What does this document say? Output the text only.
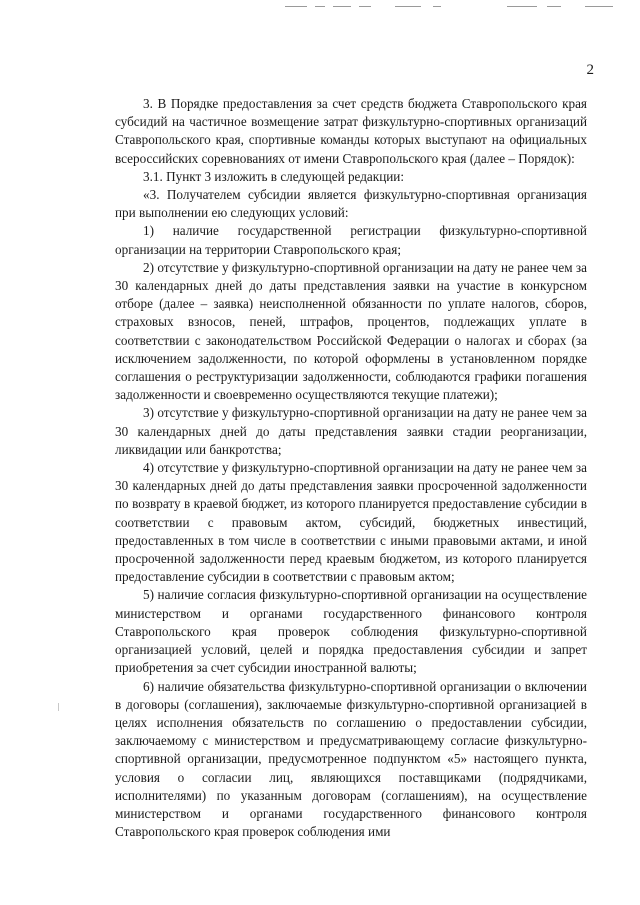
2

3. В Порядке предоставления за счет средств бюджета Ставропольского края субсидий на частичное возмещение затрат физкультурно-спортивных организаций Ставропольского края, спортивные команды которых выступают на официальных всероссийских соревнованиях от имени Ставропольского края (далее – Порядок):

3.1. Пункт 3 изложить в следующей редакции:

«3. Получателем субсидии является физкультурно-спортивная организация при выполнении ею следующих условий:

1) наличие государственной регистрации физкультурно-спортивной организации на территории Ставропольского края;

2) отсутствие у физкультурно-спортивной организации на дату не ранее чем за 30 календарных дней до даты представления заявки на участие в конкурсном отборе (далее – заявка) неисполненной обязанности по уплате налогов, сборов, страховых взносов, пеней, штрафов, процентов, подлежащих уплате в соответствии с законодательством Российской Федерации о налогах и сборах (за исключением задолженности, по которой оформлены в установленном порядке соглашения о реструктуризации задолженности, соблюдаются графики погашения задолженности и своевременно осуществляются текущие платежи);

3) отсутствие у физкультурно-спортивной организации на дату не ранее чем за 30 календарных дней до даты представления заявки стадии реорганизации, ликвидации или банкротства;

4) отсутствие у физкультурно-спортивной организации на дату не ранее чем за 30 календарных дней до даты представления заявки просроченной задолженности по возврату в краевой бюджет, из которого планируется предоставление субсидии в соответствии с правовым актом, субсидий, бюджетных инвестиций, предоставленных в том числе в соответствии с иными правовыми актами, и иной просроченной задолженности перед краевым бюджетом, из которого планируется предоставление субсидии в соответствии с правовым актом;

5) наличие согласия физкультурно-спортивной организации на осуществление министерством и органами государственного финансового контроля Ставропольского края проверок соблюдения физкультурно-спортивной организацией условий, целей и порядка предоставления субсидии и запрет приобретения за счет субсидии иностранной валюты;

6) наличие обязательства физкультурно-спортивной организации о включении в договоры (соглашения), заключаемые физкультурно-спортивной организацией в целях исполнения обязательств по соглашению о предоставлении субсидии, заключаемому с министерством и предусматривающему согласие физкультурно-спортивной организации, предусмотренное подпунктом «5» настоящего пункта, условия о согласии лиц, являющихся поставщиками (подрядчиками, исполнителями) по указанным договорам (соглашениям), на осуществление министерством и органами государственного финансового контроля Ставропольского края проверок соблюдения ими
